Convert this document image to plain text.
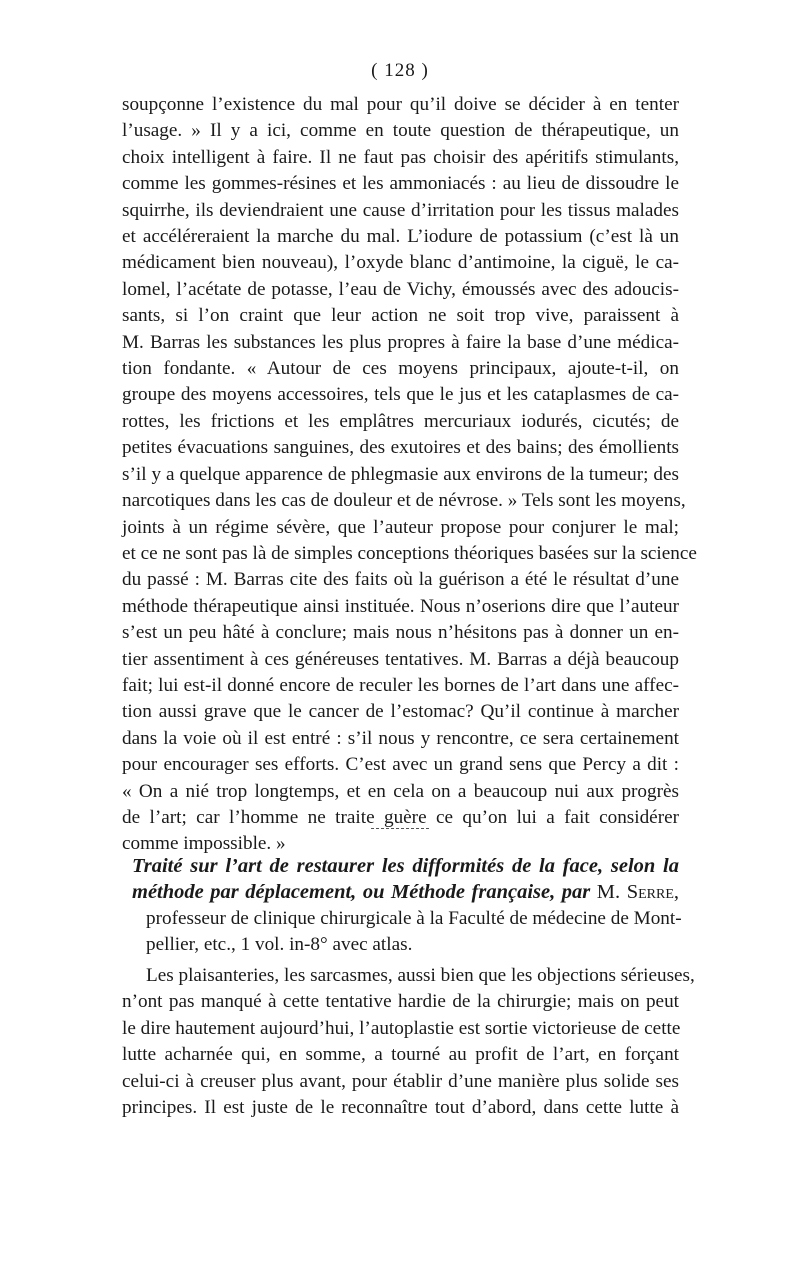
( 128 )
soupçonne l’existence du mal pour qu’il doive se décider à en tenter
l’usage. » Il y a ici, comme en toute question de thérapeutique, un
choix intelligent à faire. Il ne faut pas choisir des apéritifs stimulants,
comme les gommes-résines et les ammoniacés : au lieu de dissoudre le
squirrhe, ils deviendraient une cause d’irritation pour les tissus malades
et accéléreraient la marche du mal. L’iodure de potassium (c’est là un
médicament bien nouveau), l’oxyde blanc d’antimoine, la ciguë, le ca-
lomel, l’acétate de potasse, l’eau de Vichy, émoussés avec des adoucis-
sants, si l’on craint que leur action ne soit trop vive, paraissent à
M. Barras les substances les plus propres à faire la base d’une médica-
tion fondante. « Autour de ces moyens principaux, ajoute-t-il, on
groupe des moyens accessoires, tels que le jus et les cataplasmes de ca-
rottes, les frictions et les emplâtres mercuriaux iodurés, cicutés; de
petites évacuations sanguines, des exutoires et des bains; des émollients
s’il y a quelque apparence de phlegmasie aux environs de la tumeur; des
narcotiques dans les cas de douleur et de névrose. » Tels sont les moyens,
joints à un régime sévère, que l’auteur propose pour conjurer le mal;
et ce ne sont pas là de simples conceptions théoriques basées sur la science
du passé : M. Barras cite des faits où la guérison a été le résultat d’une
méthode thérapeutique ainsi instituée. Nous n’oserions dire que l’auteur
s’est un peu hâté à conclure; mais nous n’hésitons pas à donner un en-
tier assentiment à ces généreuses tentatives. M. Barras a déjà beaucoup
fait; lui est-il donné encore de reculer les bornes de l’art dans une affec-
tion aussi grave que le cancer de l’estomac? Qu’il continue à marcher
dans la voie où il est entré : s’il nous y rencontre, ce sera certainement
pour encourager ses efforts. C’est avec un grand sens que Percy a dit :
« On a nié trop longtemps, et en cela on a beaucoup nui aux progrès
de l’art; car l’homme ne traite guère ce qu’on lui a fait considérer
comme impossible. »
Traité sur l’art de restaurer les difformités de la face, selon la
méthode par déplacement, ou Méthode française, par M. Serre,
professeur de clinique chirurgicale à la Faculté de médecine de Mont-
pellier, etc., 1 vol. in-8° avec atlas.
Les plaisanteries, les sarcasmes, aussi bien que les objections sérieuses,
n’ont pas manqué à cette tentative hardie de la chirurgie; mais on peut
le dire hautement aujourd’hui, l’autoplastie est sortie victorieuse de cette
lutte acharnée qui, en somme, a tourné au profit de l’art, en forçant
celui-ci à creuser plus avant, pour établir d’une manière plus solide ses
principes. Il est juste de le reconnaître tout d’abord, dans cette lutte à
